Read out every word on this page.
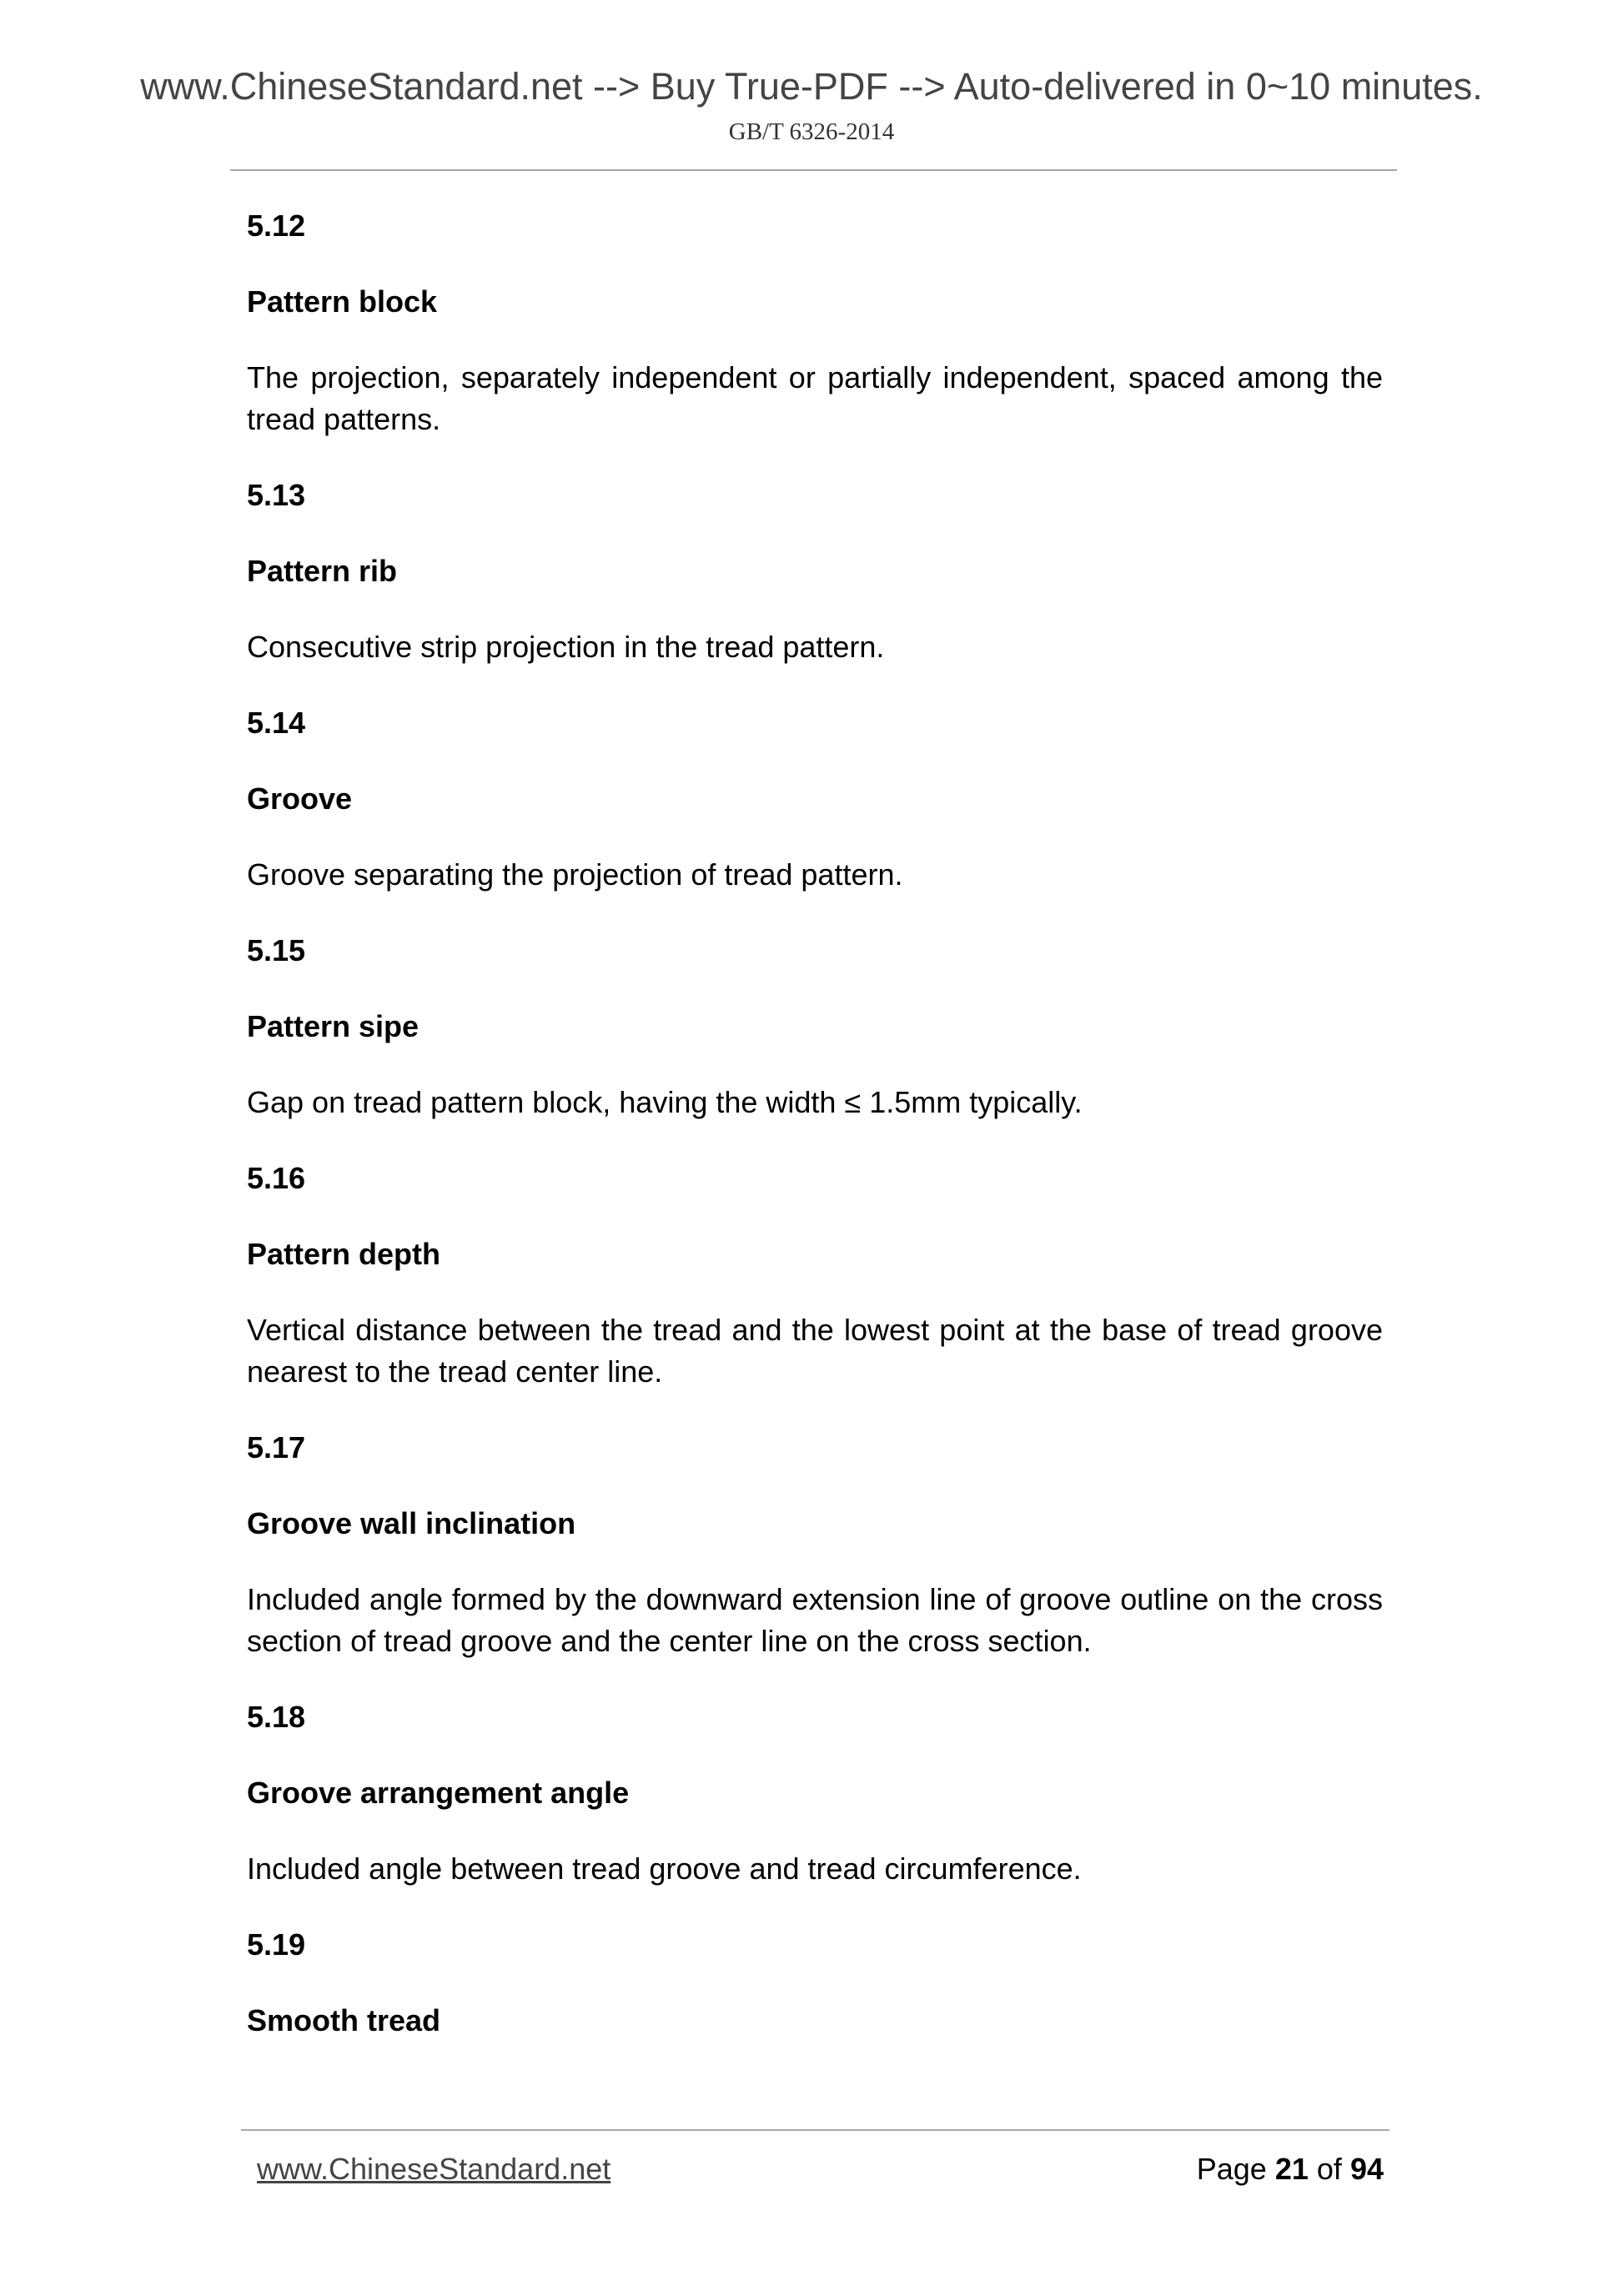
www.ChineseStandard.net --> Buy True-PDF --> Auto-delivered in 0~10 minutes.
GB/T 6326-2014
5.12
Pattern block
The projection, separately independent or partially independent, spaced among the tread patterns.
5.13
Pattern rib
Consecutive strip projection in the tread pattern.
5.14
Groove
Groove separating the projection of tread pattern.
5.15
Pattern sipe
Gap on tread pattern block, having the width ≤ 1.5mm typically.
5.16
Pattern depth
Vertical distance between the tread and the lowest point at the base of tread groove nearest to the tread center line.
5.17
Groove wall inclination
Included angle formed by the downward extension line of groove outline on the cross section of tread groove and the center line on the cross section.
5.18
Groove arrangement angle
Included angle between tread groove and tread circumference.
5.19
Smooth tread
www.ChineseStandard.net	Page 21 of 94
